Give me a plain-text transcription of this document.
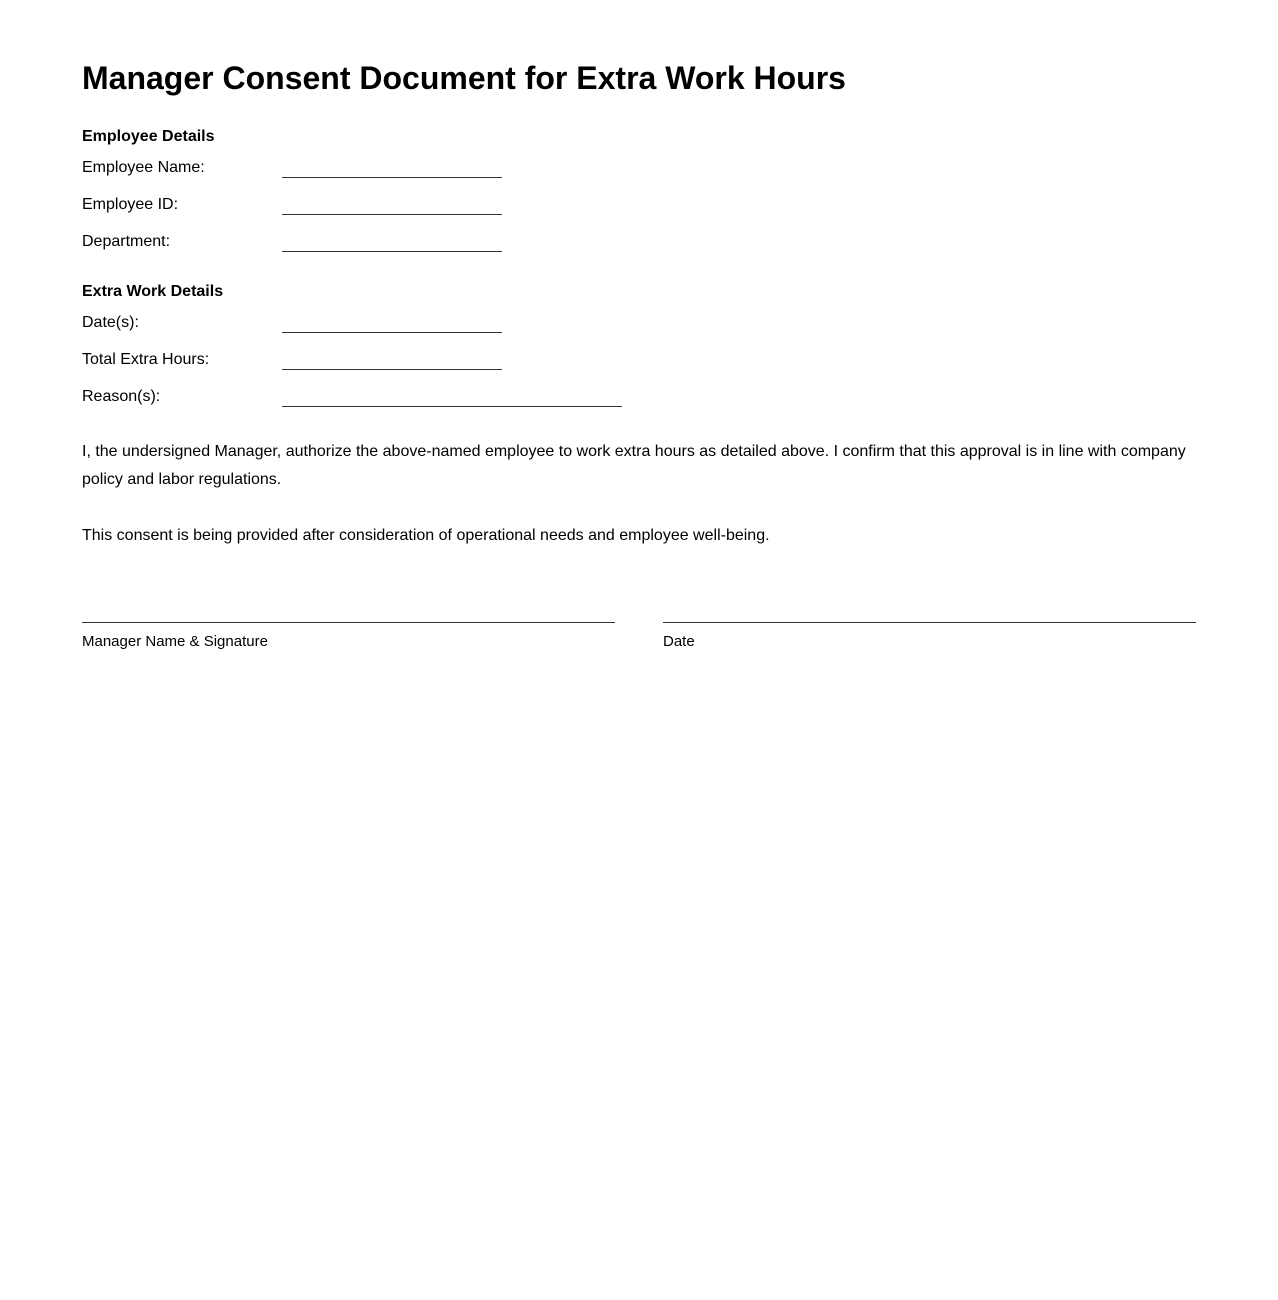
Manager Consent Document for Extra Work Hours
Employee Details
Employee Name:
Employee ID:
Department:
Extra Work Details
Date(s):
Total Extra Hours:
Reason(s):

I, the undersigned Manager, authorize the above-named employee to work extra hours as detailed above. I confirm that this approval is in line with company policy and labor regulations.

This consent is being provided after consideration of operational needs and employee well-being.

Manager Name & Signature	Date
